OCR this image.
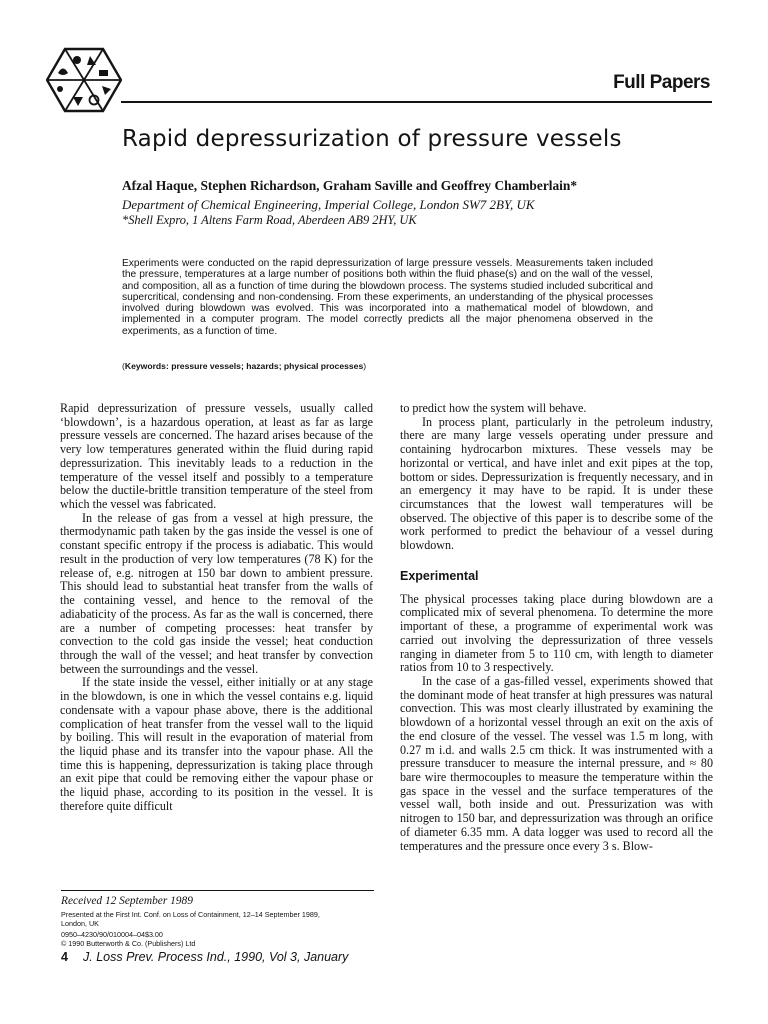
Full Papers
Rapid depressurization of pressure vessels
Afzal Haque, Stephen Richardson, Graham Saville and Geoffrey Chamberlain*
Department of Chemical Engineering, Imperial College, London SW7 2BY, UK
*Shell Expro, 1 Altens Farm Road, Aberdeen AB9 2HY, UK
Experiments were conducted on the rapid depressurization of large pressure vessels. Measurements taken included the pressure, temperatures at a large number of positions both within the fluid phase(s) and on the wall of the vessel, and composition, all as a function of time during the blowdown process. The systems studied included subcritical and supercritical, condensing and non-condensing. From these experiments, an understanding of the physical processes involved during blowdown was evolved. This was incorporated into a mathematical model of blowdown, and implemented in a computer program. The model correctly predicts all the major phenomena observed in the experiments, as a function of time.
(Keywords: pressure vessels; hazards; physical processes)

Rapid depressurization of pressure vessels, usually called ‘blowdown’, is a hazardous operation, at least as far as large pressure vessels are concerned. The hazard arises because of the very low temperatures generated within the fluid during rapid depressurization. This inevitably leads to a reduction in the temperature of the vessel itself and possibly to a temperature below the ductile-brittle transition temperature of the steel from which the vessel was fabricated.

In the release of gas from a vessel at high pressure, the thermodynamic path taken by the gas inside the vessel is one of constant specific entropy if the process is adiabatic. This would result in the production of very low temperatures (78 K) for the release of, e.g. nitrogen at 150 bar down to ambient pressure. This should lead to substantial heat transfer from the walls of the containing vessel, and hence to the removal of the adiabaticity of the process. As far as the wall is concerned, there are a number of competing processes: heat transfer by convection to the cold gas inside the vessel; heat conduction through the wall of the vessel; and heat transfer by convection between the surroundings and the vessel.

If the state inside the vessel, either initially or at any stage in the blowdown, is one in which the vessel contains e.g. liquid condensate with a vapour phase above, there is the additional complication of heat transfer from the vessel wall to the liquid by boiling. This will result in the evaporation of material from the liquid phase and its transfer into the vapour phase. All the time this is happening, depressurization is taking place through an exit pipe that could be removing either the vapour phase or the liquid phase, according to its position in the vessel. It is therefore quite difficult

to predict how the system will behave.

In process plant, particularly in the petroleum industry, there are many large vessels operating under pressure and containing hydrocarbon mixtures. These vessels may be horizontal or vertical, and have inlet and exit pipes at the top, bottom or sides. Depressurization is frequently necessary, and in an emergency it may have to be rapid. It is under these circumstances that the lowest wall temperatures will be observed. The objective of this paper is to describe some of the work performed to predict the behaviour of a vessel during blowdown.

Experimental

The physical processes taking place during blowdown are a complicated mix of several phenomena. To determine the more important of these, a programme of experimental work was carried out involving the depressurization of three vessels ranging in diameter from 5 to 110 cm, with length to diameter ratios from 10 to 3 respectively.

In the case of a gas-filled vessel, experiments showed that the dominant mode of heat transfer at high pressures was natural convection. This was most clearly illustrated by examining the blowdown of a horizontal vessel through an exit on the axis of the end closure of the vessel. The vessel was 1.5 m long, with 0.27 m i.d. and walls 2.5 cm thick. It was instrumented with a pressure transducer to measure the internal pressure, and ≈ 80 bare wire thermocouples to measure the temperature within the gas space in the vessel and the surface temperatures of the vessel wall, both inside and out. Pressurization was with nitrogen to 150 bar, and depressurization was through an orifice of diameter 6.35 mm. A data logger was used to record all the temperatures and the pressure once every 3 s. Blow-

Received 12 September 1989
Presented at the First Int. Conf. on Loss of Containment, 12–14 September 1989,
London, UK
0950–4230/90/010004–04$3.00
© 1990 Butterworth & Co. (Publishers) Ltd
4 J. Loss Prev. Process Ind., 1990, Vol 3, January
